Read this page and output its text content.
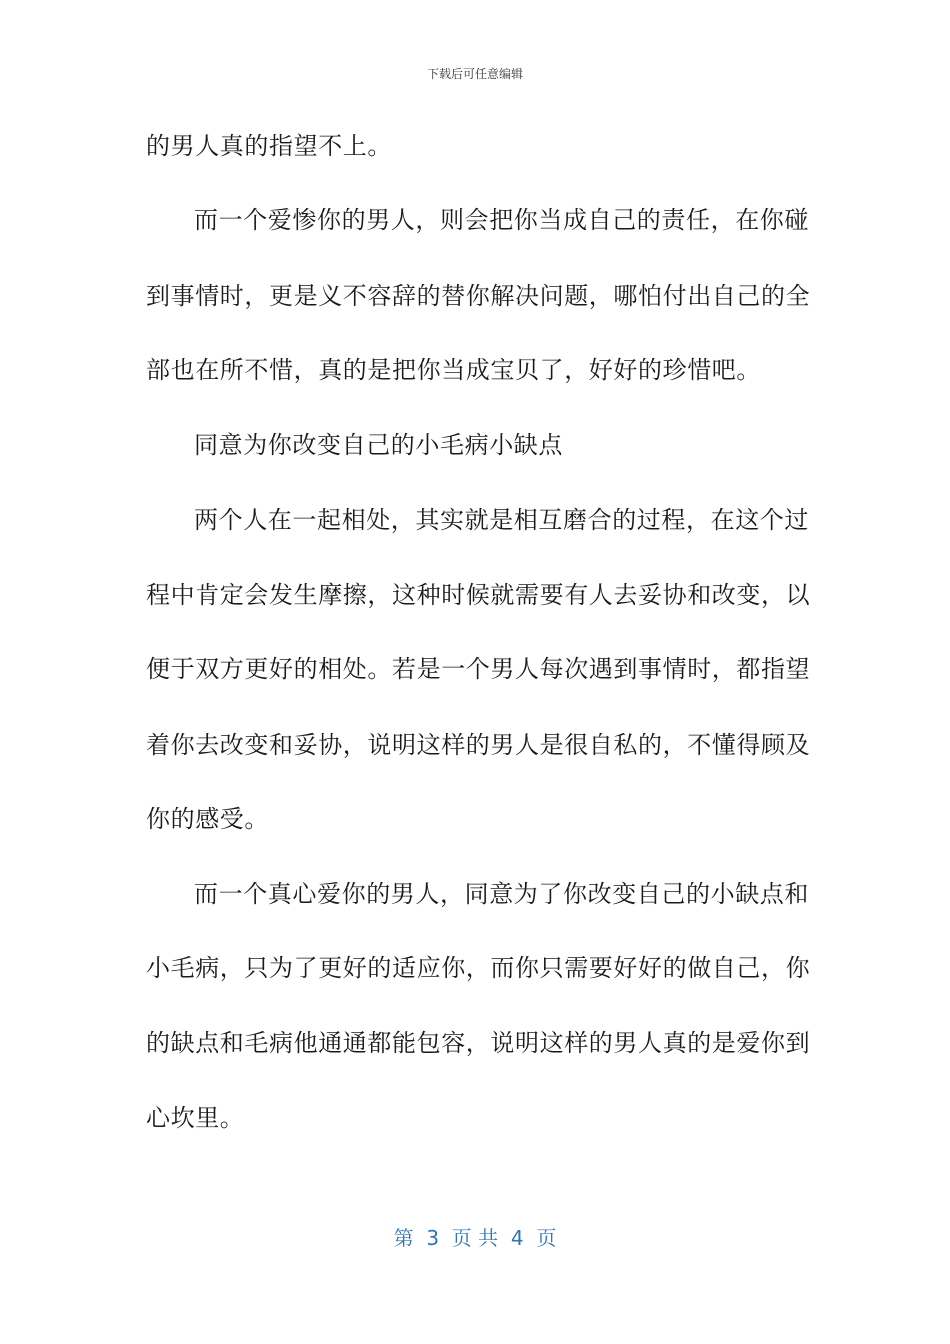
下载后可任意编辑
的男人真的指望不上。
而一个爱惨你的男人，则会把你当成自己的责任，在你碰
到事情时，更是义不容辞的替你解决问题，哪怕付出自己的全
部也在所不惜，真的是把你当成宝贝了，好好的珍惜吧。
同意为你改变自己的小毛病小缺点
两个人在一起相处，其实就是相互磨合的过程，在这个过
程中肯定会发生摩擦，这种时候就需要有人去妥协和改变，以
便于双方更好的相处。若是一个男人每次遇到事情时，都指望
着你去改变和妥协，说明这样的男人是很自私的，不懂得顾及
你的感受。
而一个真心爱你的男人，同意为了你改变自己的小缺点和
小毛病，只为了更好的适应你，而你只需要好好的做自己，你
的缺点和毛病他通通都能包容，说明这样的男人真的是爱你到
心坎里。
第  3  页 共  4  页
